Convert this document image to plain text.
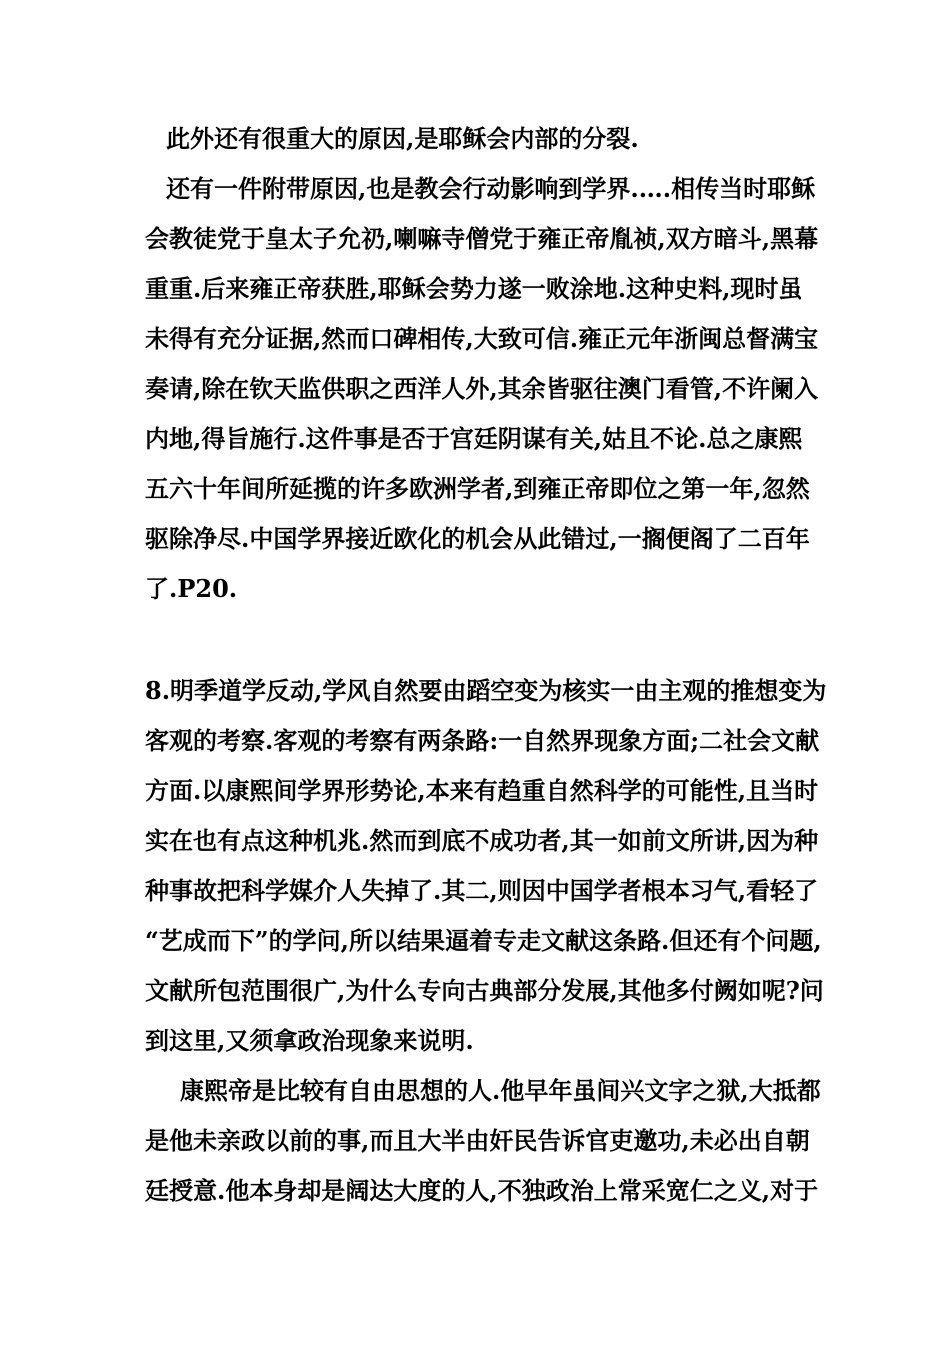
此外还有很重大的原因,是耶稣会内部的分裂.

还有一件附带原因,也是教会行动影响到学界.….相传当时耶稣

会教徒党于皇太子允礽,喇嘛寺僧党于雍正帝胤祯,双方暗斗,黑幕

重重.后来雍正帝获胜,耶稣会势力遂一败涂地.这种史料,现时虽

未得有充分证据,然而口碑相传,大致可信.雍正元年浙闽总督满宝

奏请,除在钦天监供职之西洋人外,其余皆驱往澳门看管,不许阑入

内地,得旨施行.这件事是否于宫廷阴谋有关,姑且不论.总之康熙

五六十年间所延揽的许多欧洲学者,到雍正帝即位之第一年,忽然

驱除净尽.中国学界接近欧化的机会从此错过,一搁便阁了二百年

了.P20.

8.明季道学反动,学风自然要由蹈空变为核实一由主观的推想变为

客观的考察.客观的考察有两条路:一自然界现象方面;二社会文献

方面.以康熙间学界形势论,本来有趋重自然科学的可能性,且当时

实在也有点这种机兆.然而到底不成功者,其一如前文所讲,因为种

种事故把科学媒介人失掉了.其二,则因中国学者根本习气,看轻了

“艺成而下”的学问,所以结果逼着专走文献这条路.但还有个问题,

文献所包范围很广,为什么专向古典部分发展,其他多付阙如呢?问

到这里,又须拿政治现象来说明.

康熙帝是比较有自由思想的人.他早年虽间兴文字之狱,大抵都

是他未亲政以前的事,而且大半由奸民告诉官吏邀功,未必出自朝

廷授意.他本身却是阔达大度的人,不独政治上常采宽仁之义,对于
